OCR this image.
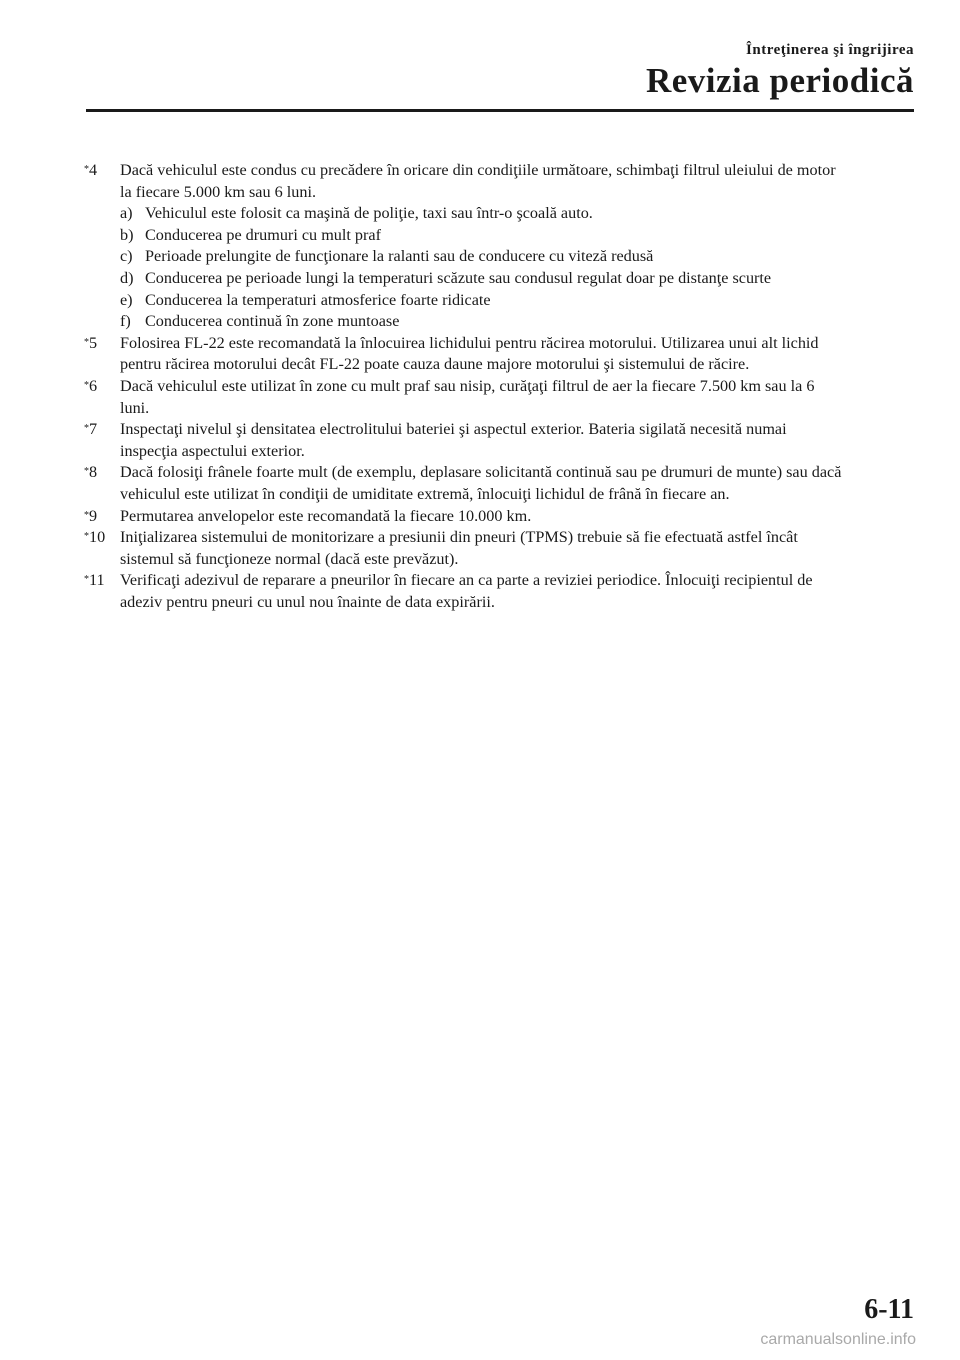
Întreţinerea şi îngrijirea
Revizia periodică
*4	Dacă vehiculul este condus cu precădere în oricare din condiţiile următoare, schimbaţi filtrul uleiului de motor
la fiecare 5.000 km sau 6 luni.
a) Vehiculul este folosit ca maşină de poliţie, taxi sau într-o şcoală auto.
b) Conducerea pe drumuri cu mult praf
c) Perioade prelungite de funcţionare la ralanti sau de conducere cu viteză redusă
d) Conducerea pe perioade lungi la temperaturi scăzute sau condusul regulat doar pe distanţe scurte
e) Conducerea la temperaturi atmosferice foarte ridicate
f) Conducerea continuă în zone muntoase
*5	Folosirea FL-22 este recomandată la înlocuirea lichidului pentru răcirea motorului. Utilizarea unui alt lichid
pentru răcirea motorului decât FL-22 poate cauza daune majore motorului şi sistemului de răcire.
*6	Dacă vehiculul este utilizat în zone cu mult praf sau nisip, curăţaţi filtrul de aer la fiecare 7.500 km sau la 6
luni.
*7	Inspectaţi nivelul şi densitatea electrolitului bateriei şi aspectul exterior. Bateria sigilată necesită numai
inspecţia aspectului exterior.
*8	Dacă folosiţi frânele foarte mult (de exemplu, deplasare solicitantă continuă sau pe drumuri de munte) sau dacă
vehiculul este utilizat în condiţii de umiditate extremă, înlocuiţi lichidul de frână în fiecare an.
*9	Permutarea anvelopelor este recomandată la fiecare 10.000 km.
*10 Iniţializarea sistemului de monitorizare a presiunii din pneuri (TPMS) trebuie să fie efectuată astfel încât
sistemul să funcţioneze normal (dacă este prevăzut).
*11 Verificaţi adezivul de reparare a pneurilor în fiecare an ca parte a reviziei periodice. Înlocuiţi recipientul de
adeziv pentru pneuri cu unul nou înainte de data expirării.
6-11
carmanualsonline.info
